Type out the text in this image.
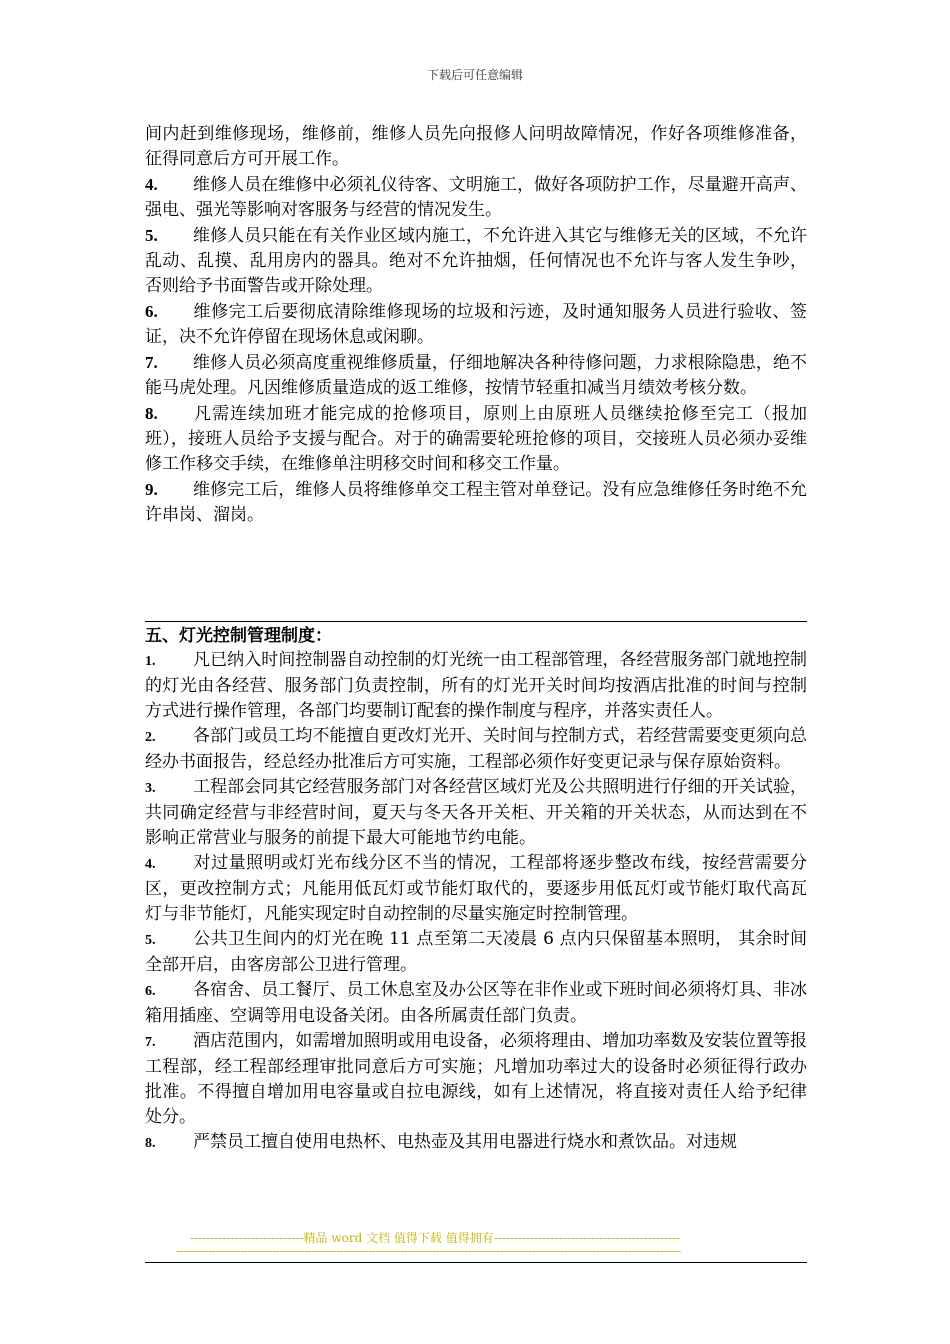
下载后可任意编辑
间内赶到维修现场，维修前，维修人员先向报修人问明故障情况，作好各项维修准备，征得同意后方可开展工作。
4. 维修人员在维修中必须礼仪待客、文明施工，做好各项防护工作，尽量避开高声、强电、强光等影响对客服务与经营的情况发生。
5. 维修人员只能在有关作业区域内施工，不允许进入其它与维修无关的区域，不允许乱动、乱摸、乱用房内的器具。绝对不允许抽烟，任何情况也不允许与客人发生争吵，否则给予书面警告或开除处理。
6. 维修完工后要彻底清除维修现场的垃圾和污迹，及时通知服务人员进行验收、签证，决不允许停留在现场休息或闲聊。
7. 维修人员必须高度重视维修质量，仔细地解决各种待修问题，力求根除隐患，绝不能马虎处理。凡因维修质量造成的返工维修，按情节轻重扣减当月绩效考核分数。
8. 凡需连续加班才能完成的抢修项目，原则上由原班人员继续抢修至完工（报加班），接班人员给予支援与配合。对于的确需要轮班抢修的项目，交接班人员必须办妥维修工作移交手续，在维修单注明移交时间和移交工作量。
9. 维修完工后，维修人员将维修单交工程主管对单登记。没有应急维修任务时绝不允许串岗、溜岗。
五、灯光控制管理制度：
1. 凡已纳入时间控制器自动控制的灯光统一由工程部管理，各经营服务部门就地控制的灯光由各经营、服务部门负责控制，所有的灯光开关时间均按酒店批准的时间与控制方式进行操作管理，各部门均要制订配套的操作制度与程序，并落实责任人。
2. 各部门或员工均不能擅自更改灯光开、关时间与控制方式，若经营需要变更须向总经办书面报告，经总经办批准后方可实施，工程部必须作好变更记录与保存原始资料。
3. 工程部会同其它经营服务部门对各经营区域灯光及公共照明进行仔细的开关试验，共同确定经营与非经营时间，夏天与冬天各开关柜、开关箱的开关状态，从而达到在不影响正常营业与服务的前提下最大可能地节约电能。
4. 对过量照明或灯光布线分区不当的情况，工程部将逐步整改布线，按经营需要分区，更改控制方式；凡能用低瓦灯或节能灯取代的，要逐步用低瓦灯或节能灯取代高瓦灯与非节能灯，凡能实现定时自动控制的尽量实施定时控制管理。
5. 公共卫生间内的灯光在晚 11 点至第二天凌晨 6 点内只保留基本照明， 其余时间全部开启，由客房部公卫进行管理。
6. 各宿舍、员工餐厅、员工休息室及办公区等在非作业或下班时间必须将灯具、非冰箱用插座、空调等用电设备关闭。由各所属责任部门负责。
7. 酒店范围内，如需增加照明或用电设备，必须将理由、增加功率数及安装位置等报工程部，经工程部经理审批同意后方可实施；凡增加功率过大的设备时必须征得行政办批准。不得擅自增加用电容量或自拉电源线，如有上述情况，将直接对责任人给予纪律处分。
8. 严禁员工擅自使用电热杯、电热壶及其用电器进行烧水和煮饮品。对违规
----------------------------精品 word 文档 值得下载 值得拥有----------------------------------------------
----------------------------------------------------------------------------------------------------------------------------------------------
